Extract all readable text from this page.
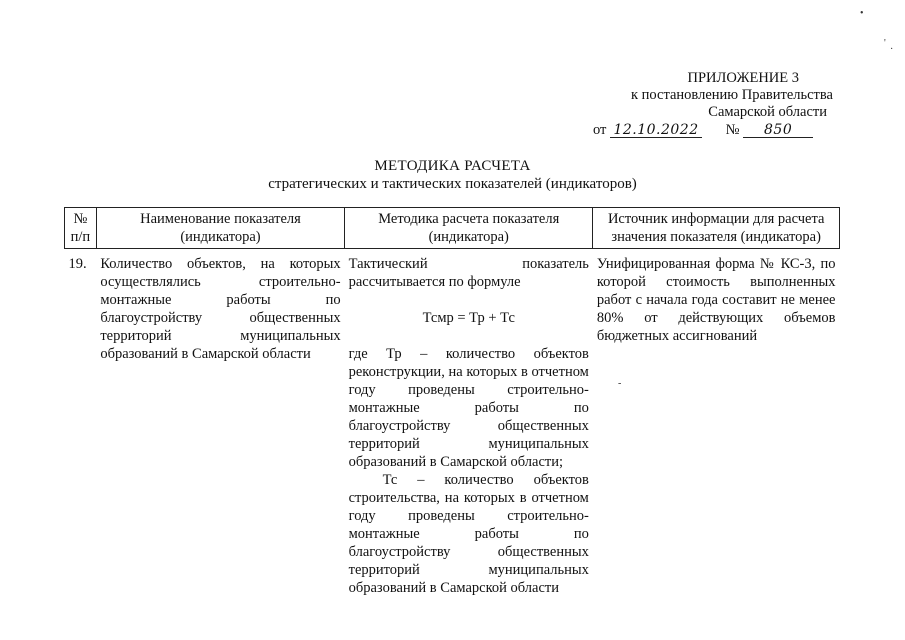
ПРИЛОЖЕНИЕ 3
к постановлению Правительства
Самарской области
от 12.10.2022 № 850
МЕТОДИКА РАСЧЕТА
стратегических и тактических показателей (индикаторов)
№ п/п	Наименование показателя (индикатора)	Методика расчета показателя (индикатора)	Источник информации для расчета значения показателя (индикатора)

19.	Количество объектов, на которых осуществлялись строительно-монтажные работы по благоустройству общественных территорий муниципальных образований в Самарской области	Тактический показатель рассчитывается по формуле
Тсмр = Тр + Тс
где Тр – количество объектов реконструкции, на которых в отчетном году проведены строительно-монтажные работы по благоустройству общественных территорий муниципальных образований в Самарской области;
Тс – количество объектов строительства, на которых в отчетном году проведены строительно-монтажные работы по благоустройству общественных территорий муниципальных образований в Самарской области	Унифицированная форма № КС-3, по которой стоимость выполненных работ с начала года составит не менее 80% от действующих объемов бюджетных ассигнований
•
'
·
-
